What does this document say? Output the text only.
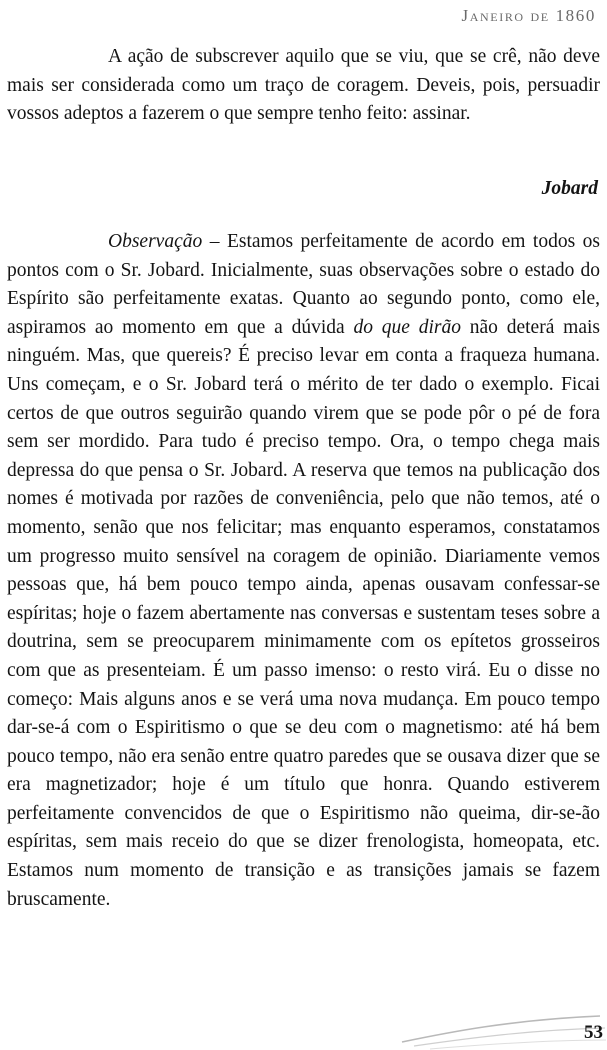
Janeiro de 1860

A ação de subscrever aquilo que se viu, que se crê, não deve mais ser considerada como um traço de coragem. Deveis, pois, persuadir vossos adeptos a fazerem o que sempre tenho feito: assinar.

Jobard

Observação – Estamos perfeitamente de acordo em todos os pontos com o Sr. Jobard. Inicialmente, suas observações sobre o estado do Espírito são perfeitamente exatas. Quanto ao segundo ponto, como ele, aspiramos ao momento em que a dúvida do que dirão não deterá mais ninguém. Mas, que quereis? É preciso levar em conta a fraqueza humana. Uns começam, e o Sr. Jobard terá o mérito de ter dado o exemplo. Ficai certos de que outros seguirão quando virem que se pode pôr o pé de fora sem ser mordido. Para tudo é preciso tempo. Ora, o tempo chega mais depressa do que pensa o Sr. Jobard. A reserva que temos na publicação dos nomes é motivada por razões de conveniência, pelo que não temos, até o momento, senão que nos felicitar; mas enquanto esperamos, constatamos um progresso muito sensível na coragem de opinião. Diariamente vemos pessoas que, há bem pouco tempo ainda, apenas ousavam confessar-se espíritas; hoje o fazem abertamente nas conversas e sustentam teses sobre a doutrina, sem se preocuparem minimamente com os epítetos grosseiros com que as presenteiam. É um passo imenso: o resto virá. Eu o disse no começo: Mais alguns anos e se verá uma nova mudança. Em pouco tempo dar-se-á com o Espiritismo o que se deu com o magnetismo: até há bem pouco tempo, não era senão entre quatro paredes que se ousava dizer que se era magnetizador; hoje é um título que honra. Quando estiverem perfeitamente convencidos de que o Espiritismo não queima, dir-se-ão espíritas, sem mais receio do que se dizer frenologista, homeopata, etc. Estamos num momento de transição e as transições jamais se fazem bruscamente.

53
